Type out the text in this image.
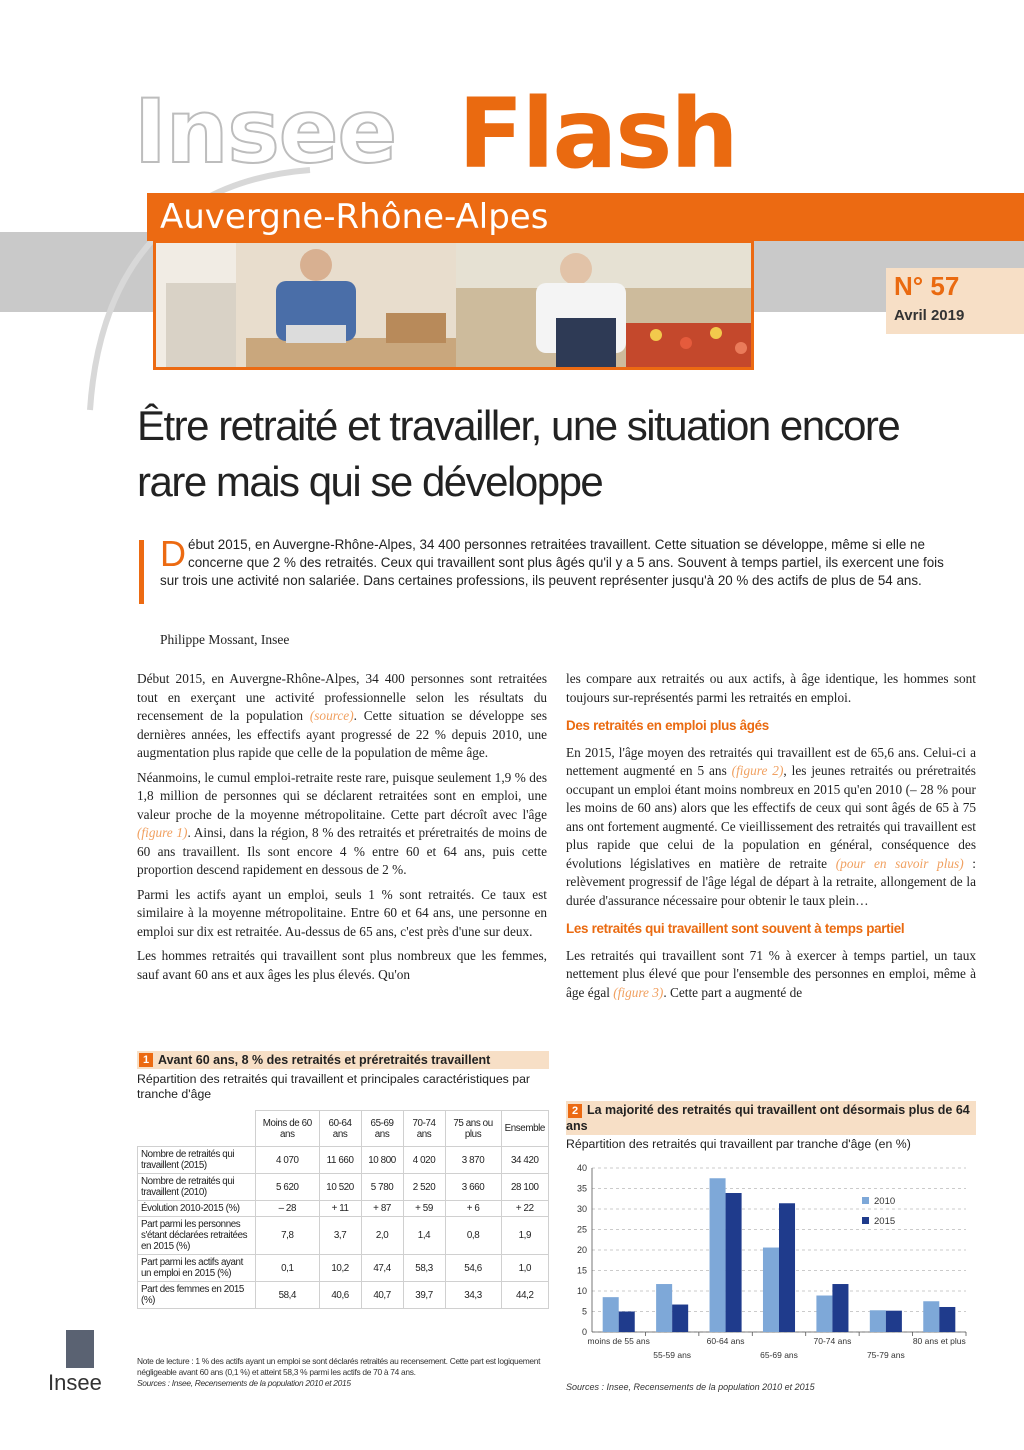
Insee Flash
Auvergne-Rhône-Alpes
N° 57
Avril 2019
Être retraité et travailler, une situation encore rare mais qui se développe
Début 2015, en Auvergne-Rhône-Alpes, 34 400 personnes retraitées travaillent. Cette situation se développe, même si elle ne concerne que 2 % des retraités. Ceux qui travaillent sont plus âgés qu'il y a 5 ans. Souvent à temps partiel, ils exercent une fois sur trois une activité non salariée. Dans certaines professions, ils peuvent représenter jusqu'à 20 % des actifs de plus de 54 ans.
Philippe Mossant, Insee

Début 2015, en Auvergne-Rhône-Alpes, 34 400 personnes sont retraitées tout en exerçant une activité professionnelle selon les résultats du recensement de la population (source). Cette situation se développe ses dernières années, les effectifs ayant progressé de 22 % depuis 2010, une augmentation plus rapide que celle de la population de même âge.

Néanmoins, le cumul emploi-retraite reste rare, puisque seulement 1,9 % des 1,8 million de personnes qui se déclarent retraitées sont en emploi, une valeur proche de la moyenne métropolitaine. Cette part décroît avec l'âge (figure 1). Ainsi, dans la région, 8 % des retraités et préretraités de moins de 60 ans travaillent. Ils sont encore 4 % entre 60 et 64 ans, puis cette proportion descend rapidement en dessous de 2 %.

Parmi les actifs ayant un emploi, seuls 1 % sont retraités. Ce taux est similaire à la moyenne métropolitaine. Entre 60 et 64 ans, une personne en emploi sur dix est retraitée. Au-dessus de 65 ans, c'est près d'une sur deux.

Les hommes retraités qui travaillent sont plus nombreux que les femmes, sauf avant 60 ans et aux âges les plus élevés. Qu'on

les compare aux retraités ou aux actifs, à âge identique, les hommes sont toujours sur-représentés parmi les retraités en emploi.

Des retraités en emploi plus âgés

En 2015, l'âge moyen des retraités qui travaillent est de 65,6 ans. Celui-ci a nettement augmenté en 5 ans (figure 2), les jeunes retraités ou préretraités occupant un emploi étant moins nombreux en 2015 qu'en 2010 (– 28 % pour les moins de 60 ans) alors que les effectifs de ceux qui sont âgés de 65 à 75 ans ont fortement augmenté. Ce vieillissement des retraités qui travaillent est plus rapide que celui de la population en général, conséquence des évolutions législatives en matière de retraite (pour en savoir plus) : relèvement progressif de l'âge légal de départ à la retraite, allongement de la durée d'assurance nécessaire pour obtenir le taux plein…

Les retraités qui travaillent sont souvent à temps partiel

Les retraités qui travaillent sont 71 % à exercer à temps partiel, un taux nettement plus élevé que pour l'ensemble des personnes en emploi, même à âge égal (figure 3). Cette part a augmenté de

1 Avant 60 ans, 8 % des retraités et préretraités travaillent
Répartition des retraités qui travaillent et principales caractéristiques par tranche d'âge
	Moins de 60 ans	60-64 ans	65-69 ans	70-74 ans	75 ans ou plus	Ensemble
Nombre de retraités qui travaillent (2015)	4 070	11 660	10 800	4 020	3 870	34 420
Nombre de retraités qui travaillent (2010)	5 620	10 520	5 780	2 520	3 660	28 100
Évolution 2010-2015 (%)	– 28	+ 11	+ 87	+ 59	+ 6	+ 22
Part parmi les personnes s'étant déclarées retraitées en 2015 (%)	7,8	3,7	2,0	1,4	0,8	1,9
Part parmi les actifs ayant un emploi en 2015 (%)	0,1	10,2	47,4	58,3	54,6	1,0
Part des femmes en 2015 (%)	58,4	40,6	40,7	39,7	34,3	44,2
Note de lecture : 1 % des actifs ayant un emploi se sont déclarés retraités au recensement. Cette part est logiquement négligeable avant 60 ans (0,1 %) et atteint 58,3 % parmi les actifs de 70 à 74 ans.
Sources : Insee, Recensements de la population 2010 et 2015
2 La majorité des retraités qui travaillent ont désormais plus de 64 ans
Répartition des retraités qui travaillent par tranche d'âge (en %)
0
5
10
15
20
25
30
35
40
moins de 55 ans
55-59 ans
60-64 ans
65-69 ans
70-74 ans
75-79 ans
80 ans et plus
2010
2015
Sources : Insee, Recensements de la population 2010 et 2015
Insee
